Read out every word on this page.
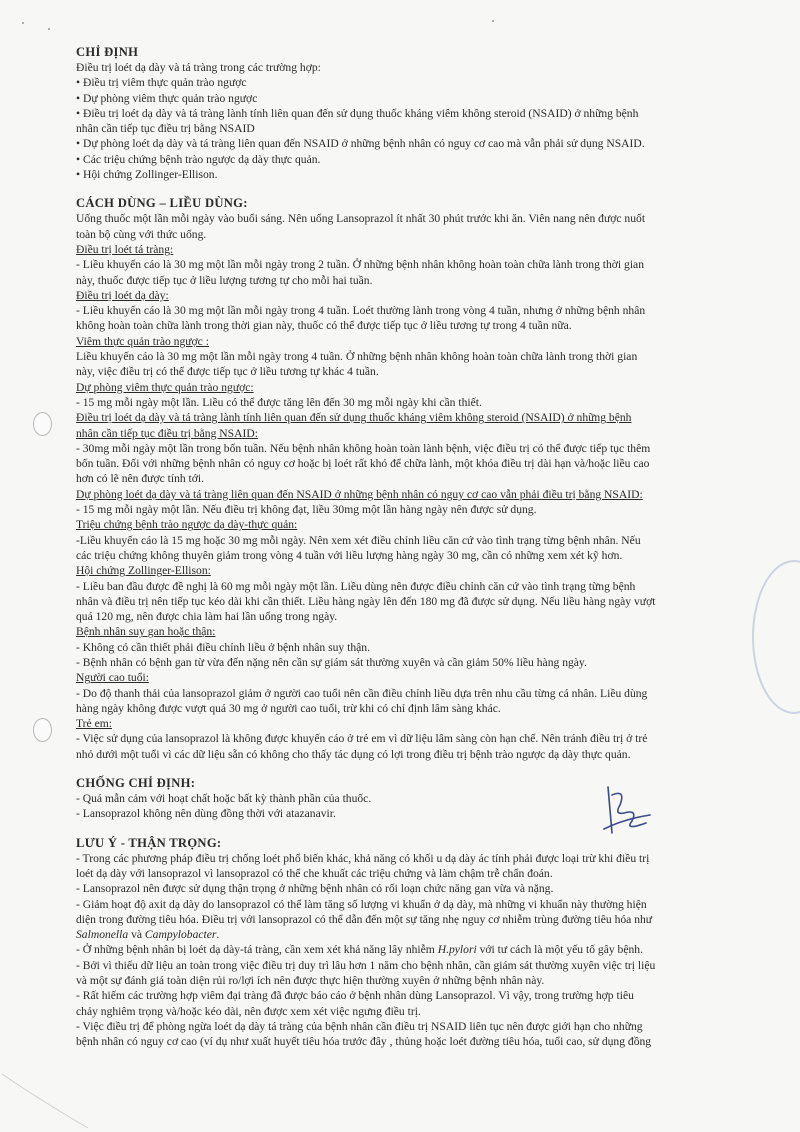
CHỈ ĐỊNH

Điều trị loét dạ dày và tá tràng trong các trường hợp:

• Điều trị viêm thực quản trào ngược

• Dự phòng viêm thực quản trào ngược

• Điều trị loét dạ dày và tá tràng lành tính liên quan đến sử dụng thuốc kháng viêm không steroid (NSAID) ở những bệnh

nhân cần tiếp tục điều trị bằng NSAID

• Dự phòng loét dạ dày và tá tràng liên quan đến NSAID ở những bệnh nhân có nguy cơ cao mà vẫn phải sử dụng NSAID.

• Các triệu chứng bệnh trào ngược dạ dày thực quản.

• Hội chứng Zollinger-Ellison.

CÁCH DÙNG – LIỀU DÙNG:

Uống thuốc một lần mỗi ngày vào buổi sáng. Nên uống Lansoprazol ít nhất 30 phút trước khi ăn. Viên nang nên được nuốt

toàn bộ cùng với thức uống.

Điều trị loét tá tràng:

- Liều khuyến cáo là 30 mg một lần mỗi ngày trong 2 tuần. Ở những bệnh nhân không hoàn toàn chữa lành trong thời gian

này, thuốc được tiếp tục ở liều lượng tương tự cho mỗi hai tuần.

Điều trị loét dạ dày:

- Liều khuyến cáo là 30 mg một lần mỗi ngày trong 4 tuần. Loét thường lành trong vòng 4 tuần, nhưng ở những bệnh nhân

không hoàn toàn chữa lành trong thời gian này, thuốc có thể được tiếp tục ở liều tương tự trong 4 tuần nữa.

Viêm thực quản trào ngược :

Liều khuyến cáo là 30 mg một lần mỗi ngày trong 4 tuần. Ở những bệnh nhân không hoàn toàn chữa lành trong thời gian

này, việc điều trị có thể được tiếp tục ở liều tương tự khác 4 tuần.

Dự phòng viêm thực quản trào ngược:

- 15 mg mỗi ngày một lần. Liều có thể được tăng lên đến 30 mg mỗi ngày khi cần thiết.

Điều trị loét dạ dày và tá tràng lành tính liên quan đến sử dụng thuốc kháng viêm không steroid (NSAID) ở những bệnh

nhân cần tiếp tục điều trị bằng NSAID:

- 30mg mỗi ngày một lần trong bốn tuần. Nếu bệnh nhân không hoàn toàn lành bệnh, việc điều trị có thể được tiếp tục thêm

bốn tuần. Đối với những bệnh nhân có nguy cơ hoặc bị loét rất khó để chữa lành, một khóa điều trị dài hạn và/hoặc liều cao

hơn có lẽ nên được tính tới.

Dự phòng loét dạ dày và tá tràng liên quan đến NSAID ở những bệnh nhân có nguy cơ cao vẫn phải điều trị bằng NSAID:

- 15 mg mỗi ngày một lần. Nếu điều trị không đạt, liều 30mg một lần hàng ngày nên được sử dụng.

Triệu chứng bệnh trào ngược dạ dày-thực quản:

-Liều khuyến cáo là 15 mg hoặc 30 mg mỗi ngày. Nên xem xét điều chỉnh liều căn cứ vào tình trạng từng bệnh nhân. Nếu

các triệu chứng không thuyên giảm trong vòng 4 tuần với liều lượng hàng ngày 30 mg, cần có những xem xét kỹ hơn.

Hội chứng Zollinger-Ellison:

- Liều ban đầu được đề nghị là 60 mg mỗi ngày một lần. Liều dùng nên được điều chỉnh căn cứ vào tình trạng từng bệnh

nhân và điều trị nên tiếp tục kéo dài khi cần thiết. Liều hàng ngày lên đến 180 mg đã được sử dụng. Nếu liều hàng ngày vượt

quá 120 mg, nên được chia làm hai lần uống trong ngày.

Bệnh nhân suy gan hoặc thận:

- Không có cần thiết phải điều chỉnh liều ở bệnh nhân suy thận.

- Bệnh nhân có bệnh gan từ vừa đến nặng nên cần sự giám sát thường xuyên và cần giảm 50% liều hàng ngày.

Người cao tuổi:

- Do độ thanh thải của lansoprazol giảm ở người cao tuổi nên cần điều chỉnh liều dựa trên nhu cầu từng cá nhân. Liều dùng

hàng ngày không được vượt quá 30 mg ở người cao tuổi, trừ khi có chỉ định lâm sàng khác.

Trẻ em:

- Việc sử dụng của lansoprazol là không được khuyến cáo ở trẻ em vì dữ liệu lâm sàng còn hạn chế. Nên tránh điều trị ở trẻ

nhỏ dưới một tuổi vì các dữ liệu sẵn có không cho thấy tác dụng có lợi trong điều trị bệnh trào ngược dạ dày thực quản.

CHỐNG CHỈ ĐỊNH:

- Quá mẫn cảm với hoạt chất hoặc bất kỳ thành phần của thuốc.

- Lansoprazol không nên dùng đồng thời với atazanavir.

LƯU Ý - THẬN TRỌNG:

- Trong các phương pháp điều trị chống loét phổ biến khác, khả năng có khối u dạ dày ác tính phải được loại trừ khi điều trị

loét dạ dày với lansoprazol vì lansoprazol có thể che khuất các triệu chứng và làm chậm trễ chẩn đoán.

- Lansoprazol nên được sử dụng thận trọng ở những bệnh nhân có rối loạn chức năng gan vừa và nặng.

- Giảm hoạt độ axit dạ dày do lansoprazol có thể làm tăng số lượng vi khuẩn ở dạ dày, mà những vi khuẩn này thường hiện

diện trong đường tiêu hóa. Điều trị với lansoprazol có thể dẫn đến một sự tăng nhẹ nguy cơ nhiễm trùng đường tiêu hóa như

Salmonella và Campylobacter.

- Ở những bệnh nhân bị loét dạ dày-tá tràng, cần xem xét khả năng lây nhiễm H.pylori với tư cách là một yếu tố gây bệnh.

- Bởi vì thiếu dữ liệu an toàn trong việc điều trị duy trì lâu hơn 1 năm cho bệnh nhân, cần giám sát thường xuyên việc trị liệu

và một sự đánh giá toàn diện rủi ro/lợi ích nên được thực hiện thường xuyên ở những bệnh nhân này.

- Rất hiếm các trường hợp viêm đại tràng đã được báo cáo ở bệnh nhân dùng Lansoprazol. Vì vậy, trong trường hợp tiêu

chảy nghiêm trọng và/hoặc kéo dài, nên được xem xét việc ngưng điều trị.

- Việc điều trị để phòng ngừa loét dạ dày tá tràng của bệnh nhân cần điều trị NSAID liên tục nên được giới hạn cho những

bệnh nhân có nguy cơ cao (ví dụ như xuất huyết tiêu hóa trước đây , thủng hoặc loét đường tiêu hóa, tuổi cao, sử dụng đồng
